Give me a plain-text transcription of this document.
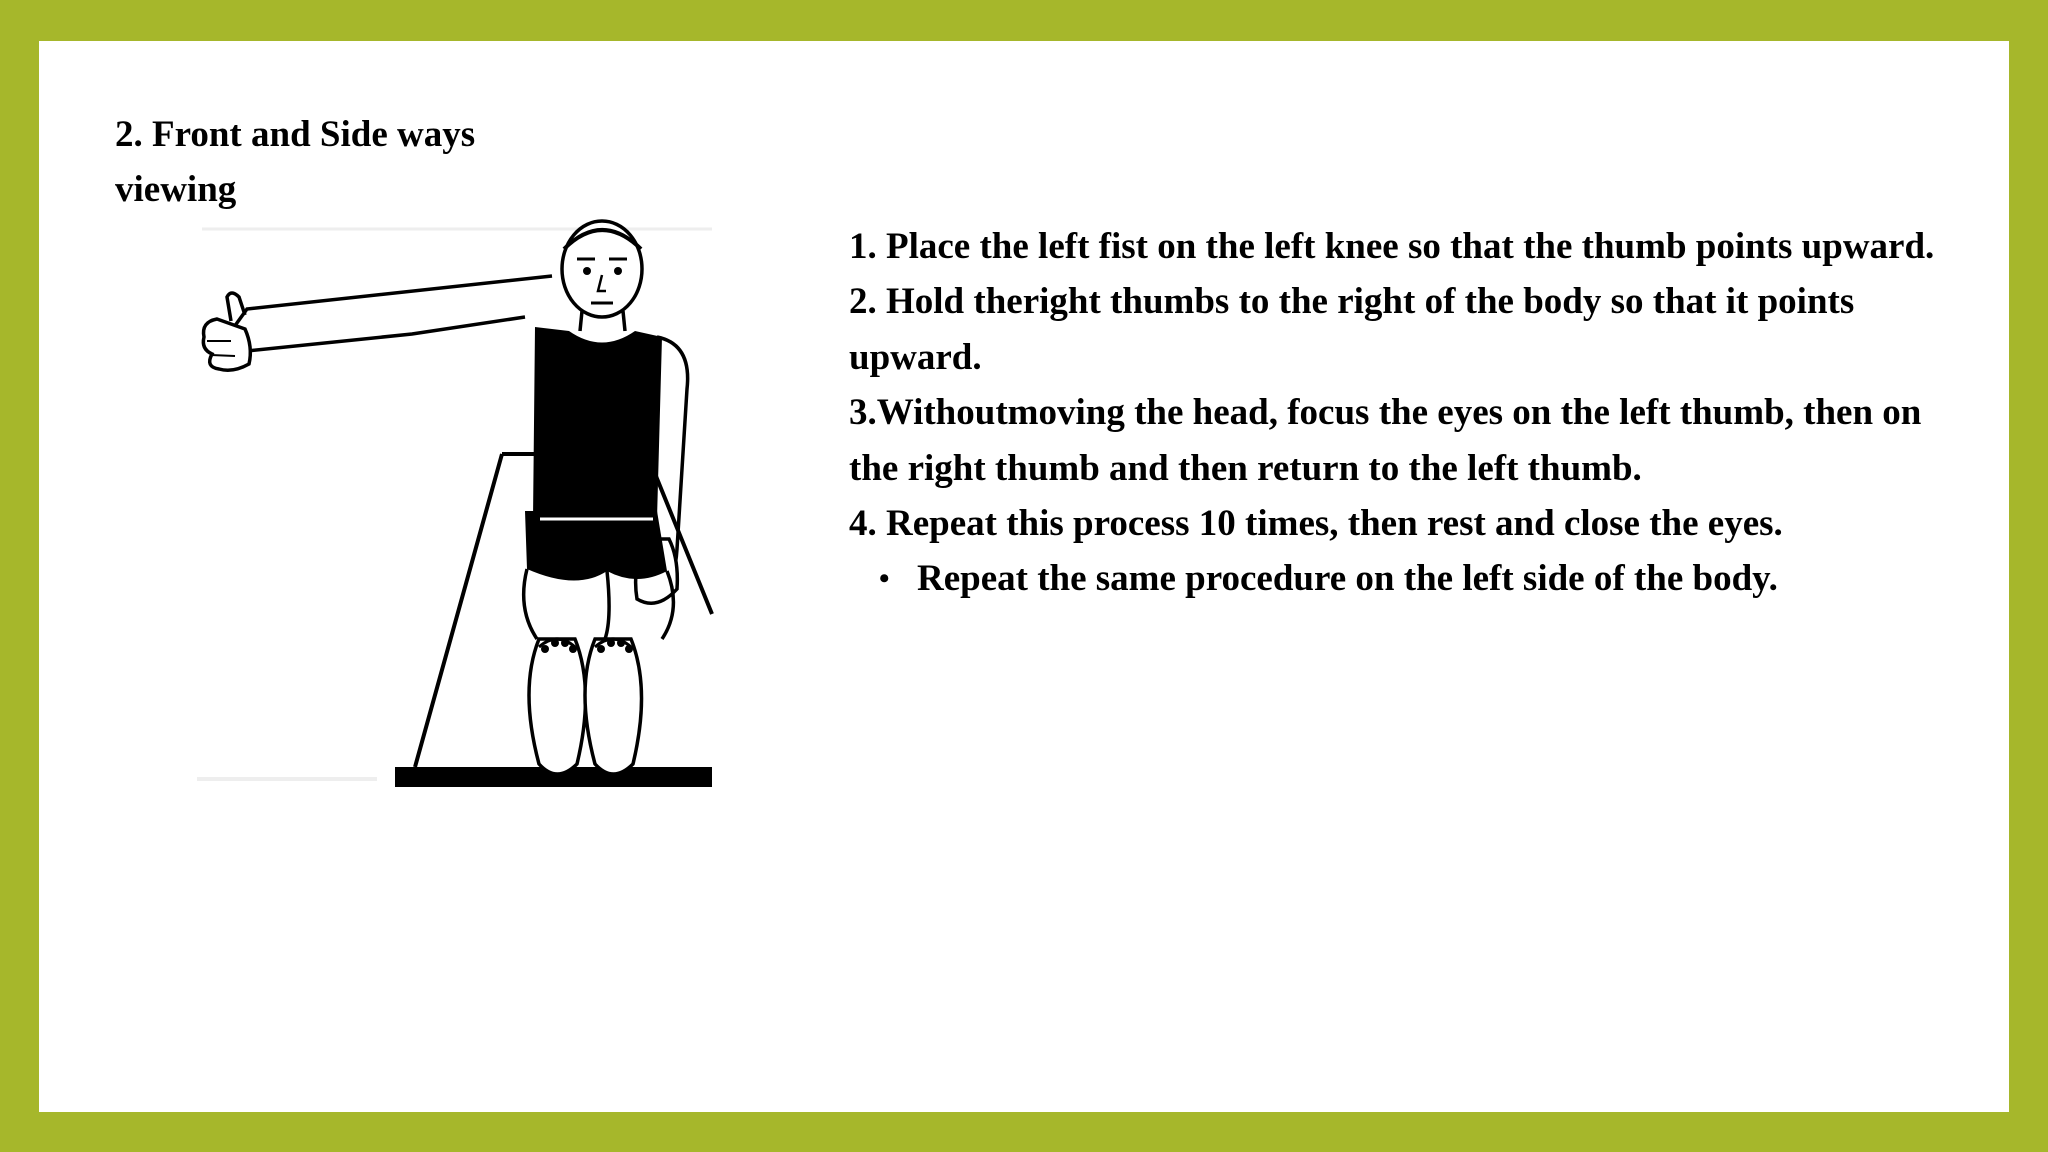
2. Front and Side ways viewing

1. Place the left fist on the left knee so that the thumb points upward.

2. Hold theright thumbs to the right of the body so that it points upward.

3.Withoutmoving the head, focus the eyes on the left thumb, then on the right thumb and then return to the left thumb.

4. Repeat this process 10 times, then rest and close the eyes.

• Repeat the same procedure on the left side of the body.
